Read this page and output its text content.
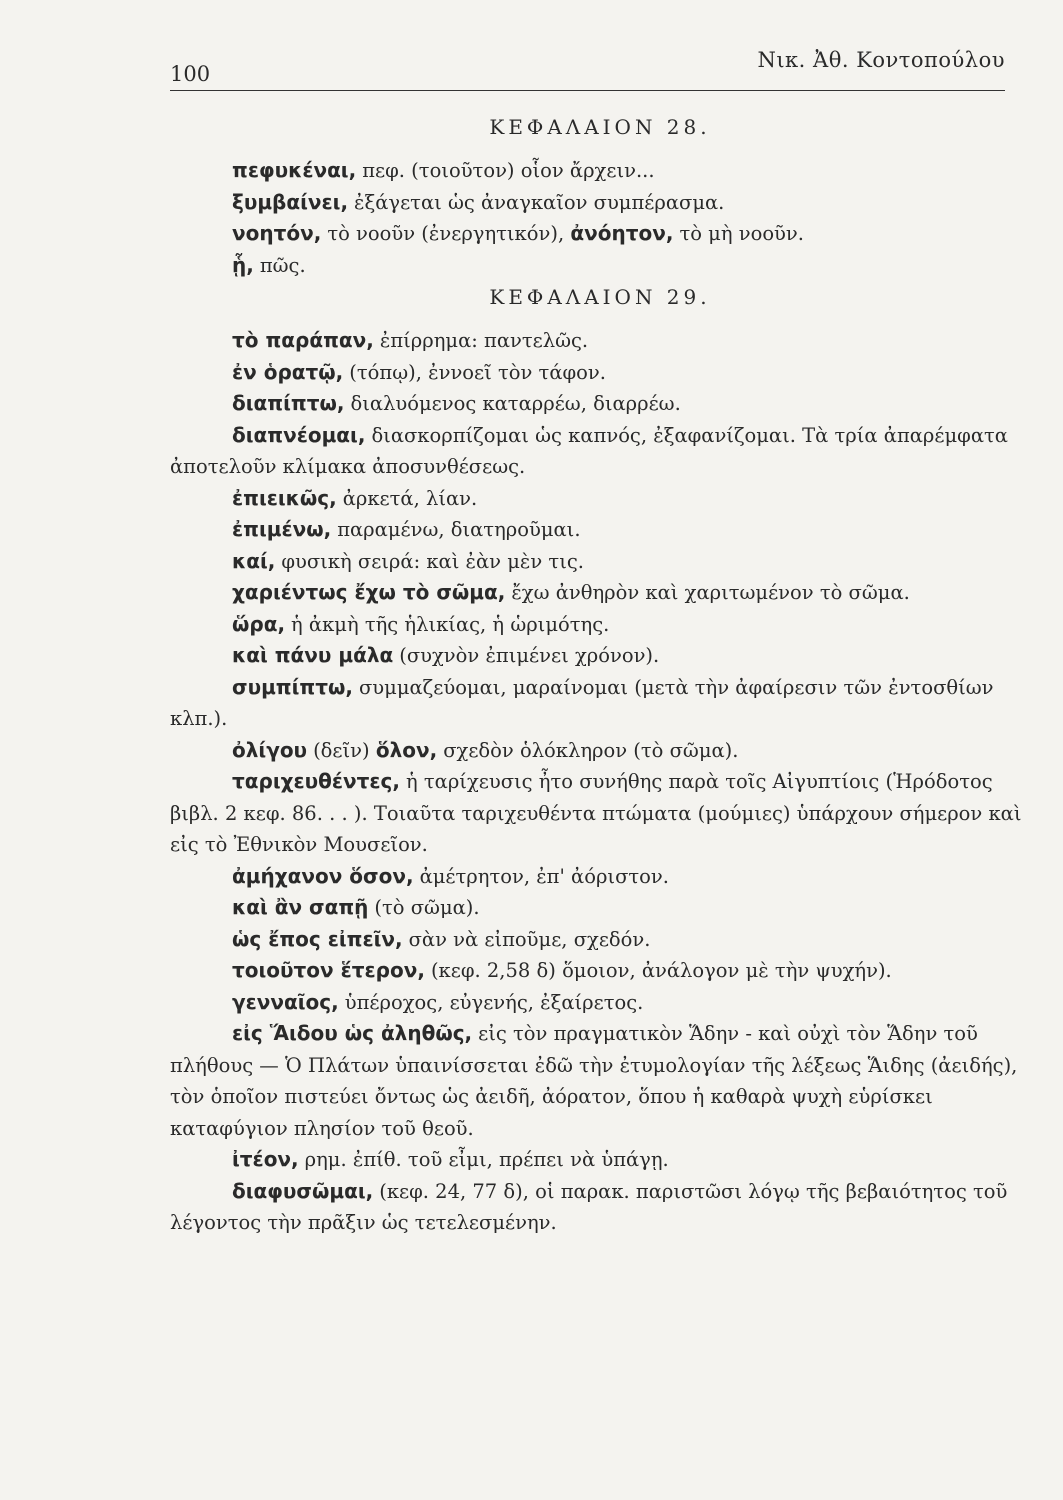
100
Νικ. Ἀθ. Κοντοπούλου
ΚΕΦΑΛΑΙΟΝ 28.
πεφυκέναι, πεφ. (τοιοῦτον) οἷον ἄρχειν...
ξυμβαίνει, ἐξάγεται ὡς ἀναγκαῖον συμπέρασμα.
νοητόν, τὸ νοοῦν (ἐνεργητικόν), ἀνόητον, τὸ μὴ νοοῦν.
ᾗ, πῶς.
ΚΕΦΑΛΑΙΟΝ 29.
τὸ παράπαν, ἐπίρρημα: παντελῶς.
ἐν ὁρατῷ, (τόπῳ), ἐννοεῖ τὸν τάφον.
διαπίπτω, διαλυόμενος καταρρέω, διαρρέω.
διαπνέομαι, διασκορπίζομαι ὡς καπνός, ἐξαφανίζομαι. Τὰ τρία ἀπαρέμφατα ἀποτελοῦν κλίμακα ἀποσυνθέσεως.
ἐπιεικῶς, ἀρκετά, λίαν.
ἐπιμένω, παραμένω, διατηροῦμαι.
καί, φυσικὴ σειρά: καὶ ἐὰν μὲν τις.
χαριέντως ἔχω τὸ σῶμα, ἔχω ἀνθηρὸν καὶ χαριτωμένον τὸ σῶμα.
ὥρα, ἡ ἀκμὴ τῆς ἡλικίας, ἡ ὡριμότης.
καὶ πάνυ μάλα (συχνὸν ἐπιμένει χρόνον).
συμπίπτω, συμμαζεύομαι, μαραίνομαι (μετὰ τὴν ἀφαίρεσιν τῶν ἐντοσθίων κλπ.).
ὀλίγου (δεῖν) ὅλον, σχεδὸν ὁλόκληρον (τὸ σῶμα).
ταριχευθέντες, ἡ ταρίχευσις ἦτο συνήθης παρὰ τοῖς Αἰγυπτίοις (Ἡρόδοτος βιβλ. 2 κεφ. 86. . . ). Τοιαῦτα ταριχευθέντα πτώματα (μούμιες) ὑπάρχουν σήμερον καὶ εἰς τὸ Ἐθνικὸν Μουσεῖον.
ἀμήχανον ὅσον, ἀμέτρητον, ἐπ' ἀόριστον.
καὶ ἂν σαπῇ (τὸ σῶμα).
ὡς ἔπος εἰπεῖν, σὰν νὰ εἰποῦμε, σχεδόν.
τοιοῦτον ἕτερον, (κεφ. 2,58 δ) ὅμοιον, ἀνάλογον μὲ τὴν ψυχήν).
γενναῖος, ὑπέροχος, εὐγενής, ἐξαίρετος.
εἰς Ἅιδου ὡς ἀληθῶς, εἰς τὸν πραγματικὸν Ἅδην - καὶ οὐχὶ τὸν Ἅδην τοῦ πλήθους — Ὁ Πλάτων ὑπαινίσσεται ἐδῶ τὴν ἐτυμολογίαν τῆς λέξεως Ἅιδης (ἀειδής), τὸν ὁποῖον πιστεύει ὄντως ὡς ἀειδῆ, ἀόρατον, ὅπου ἡ καθαρὰ ψυχὴ εὑρίσκει καταφύγιον πλησίον τοῦ θεοῦ.
ἰτέον, ρημ. ἐπίθ. τοῦ εἶμι, πρέπει νὰ ὑπάγῃ.
διαφυσῶμαι, (κεφ. 24, 77 δ), οἱ παρακ. παριστῶσι λόγῳ τῆς βεβαιότητος τοῦ λέγοντος τὴν πρᾶξιν ὡς τετελεσμένην.
